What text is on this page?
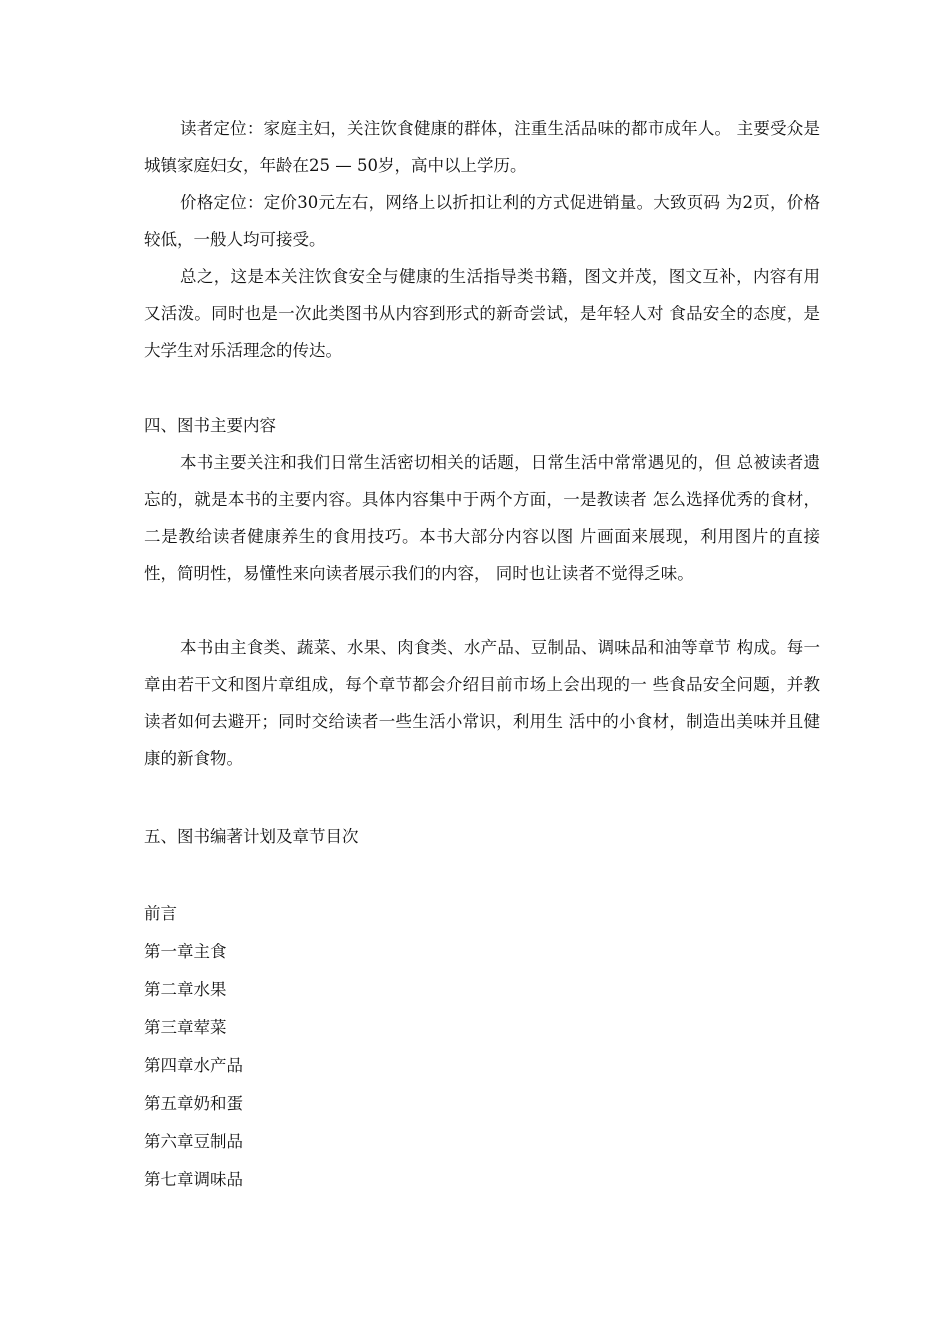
读者定位：家庭主妇，关注饮食健康的群体，注重生活品味的都市成年人。 主要受众是城镇家庭妇女，年龄在25 — 50岁，高中以上学历。

价格定位：定价30元左右，网络上以折扣让利的方式促进销量。大致页码 为2页，价格较低，一般人均可接受。

总之，这是本关注饮食安全与健康的生活指导类书籍，图文并茂，图文互补，内容有用又活泼。同时也是一次此类图书从内容到形式的新奇尝试，是年轻人对 食品安全的态度，是大学生对乐活理念的传达。

四、图书主要内容

本书主要关注和我们日常生活密切相关的话题，日常生活中常常遇见的，但 总被读者遗忘的，就是本书的主要内容。具体内容集中于两个方面，一是教读者 怎么选择优秀的食材，二是教给读者健康养生的食用技巧。本书大部分内容以图 片画面来展现，利用图片的直接性，简明性，易懂性来向读者展示我们的内容， 同时也让读者不觉得乏味。

本书由主食类、蔬菜、水果、肉食类、水产品、豆制品、调味品和油等章节 构成。每一章由若干文和图片章组成，每个章节都会介绍目前市场上会出现的一 些食品安全问题，并教读者如何去避开；同时交给读者一些生活小常识，利用生 活中的小食材，制造出美味并且健康的新食物。

五、图书编著计划及章节目次
前言
第一章主食
第二章水果
第三章荤菜
第四章水产品
第五章奶和蛋
第六章豆制品
第七章调味品
